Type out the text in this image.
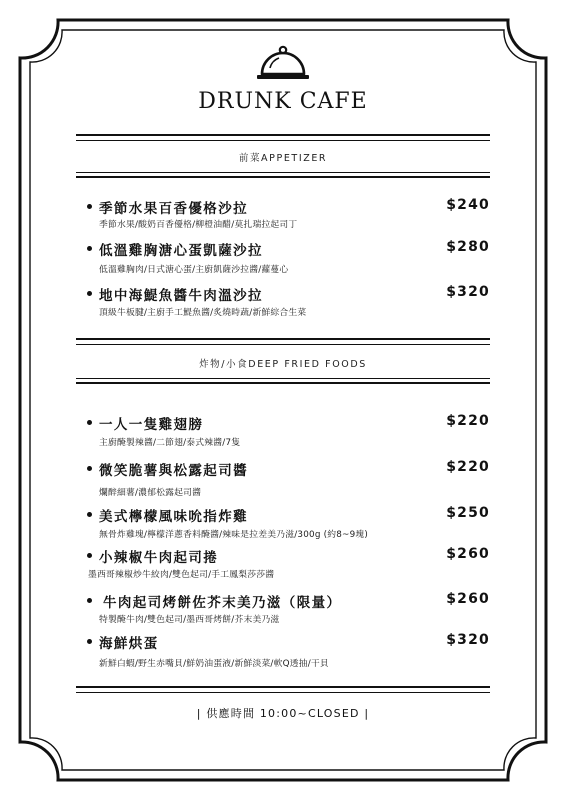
DRUNK CAFE
前菜APPETIZER
季節水果百香優格沙拉	$240
季節水果/酸奶百香優格/柳橙油醋/莫扎瑞拉起司丁
低溫雞胸溏心蛋凱薩沙拉	$280
低溫雞胸肉/日式溏心蛋/主廚凱薩沙拉醬/蘿蔓心
地中海鯷魚醬牛肉溫沙拉	$320
頂級牛板腱/主廚手工鯷魚醬/炙燒時蔬/新鮮綜合生菜
炸物/小食DEEP FRIED FOODS
一人一隻雞翅膀	$220
主廚醃製辣醬/二節翅/泰式辣醬/7隻
微笑脆薯與松露起司醬	$220
爛醉細薯/濃郁松露起司醬
美式檸檬風味吮指炸雞	$250
無骨炸雞塊/檸檬洋蔥香料醃醬/辣味是拉差美乃滋/300g (約8~9塊)
小辣椒牛肉起司捲	$260
墨西哥辣椒炒牛絞肉/雙色起司/手工鳳梨莎莎醬
牛肉起司烤餅佐芥末美乃滋（限量）	$260
特製醃牛肉/雙色起司/墨西哥烤餅/芥末美乃滋
海鮮烘蛋	$320
新鮮白蝦/野生赤嘴貝/鮮奶油蛋液/新鮮淡菜/軟Q透抽/干貝
| 供應時間 10:00~CLOSED |
